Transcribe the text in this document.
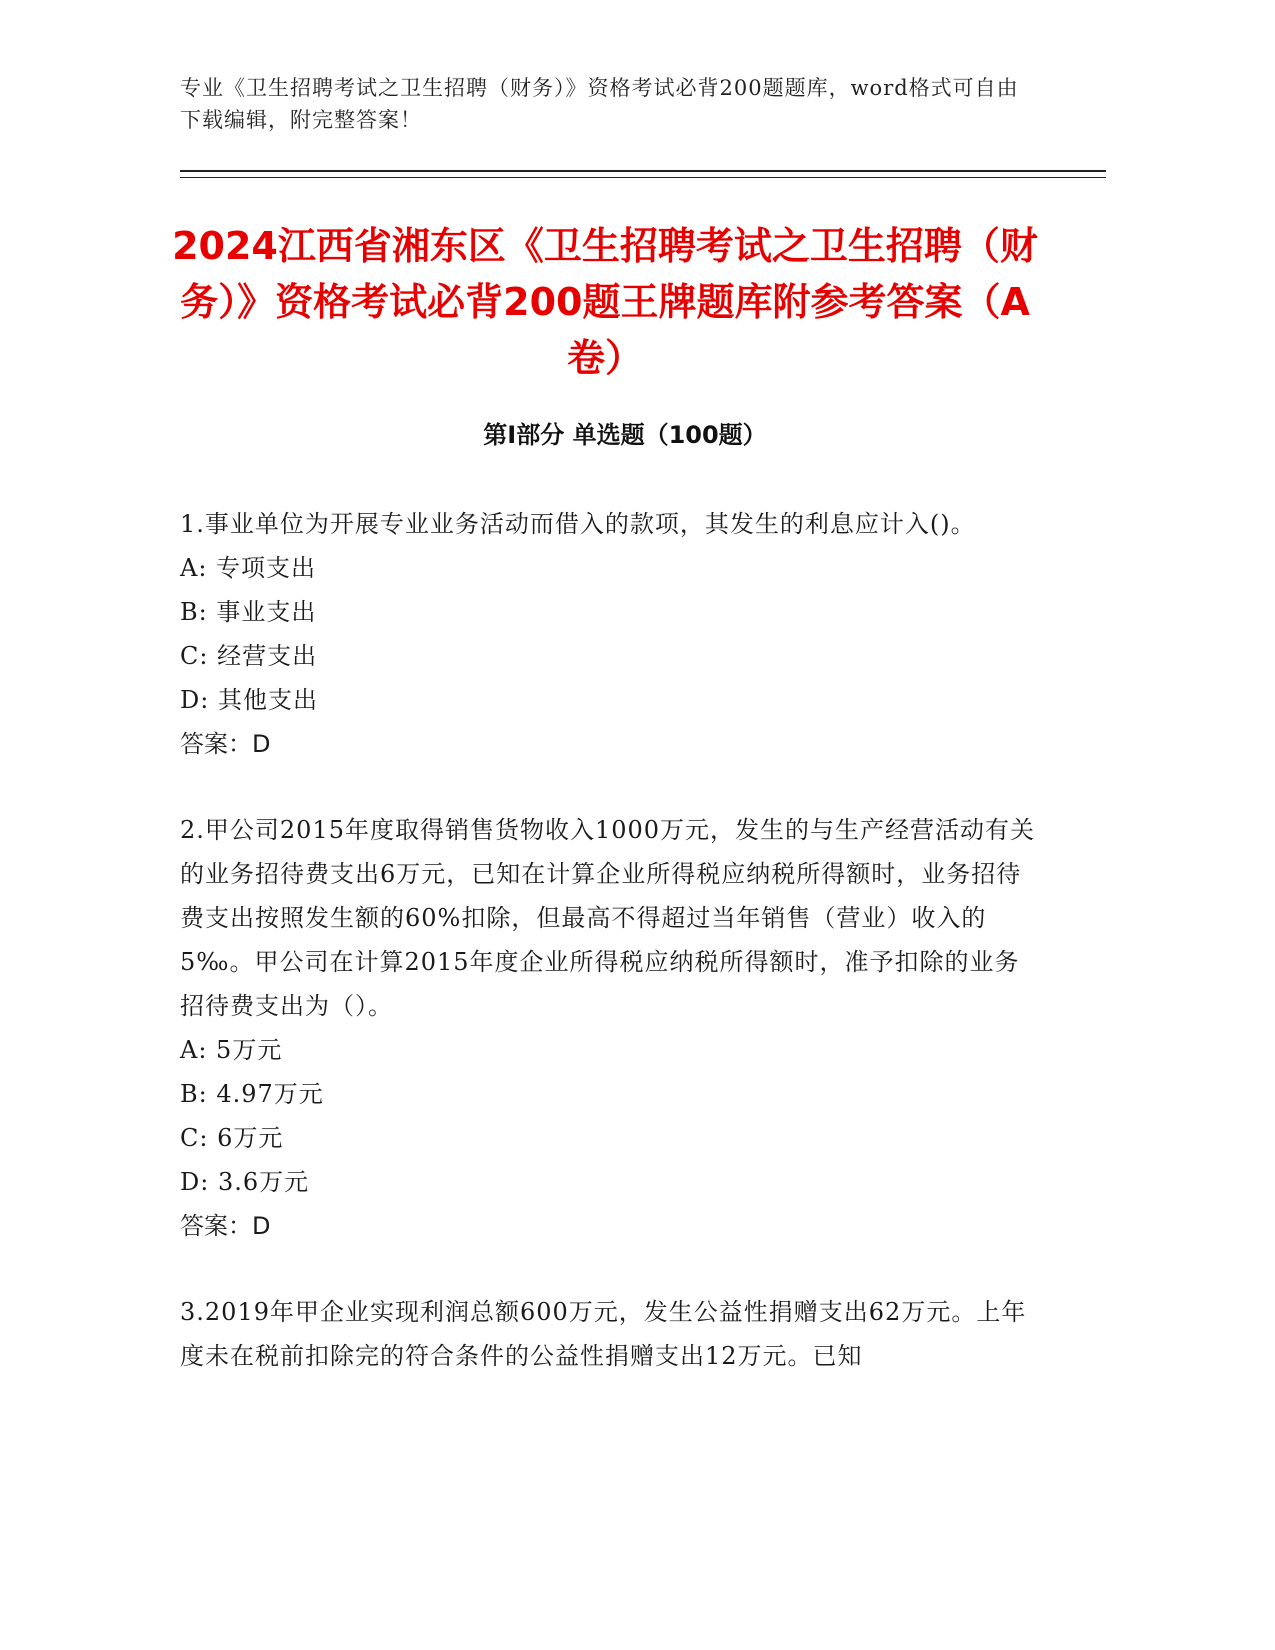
专业《卫生招聘考试之卫生招聘（财务）》资格考试必背200题题库，word格式可自由下载编辑，附完整答案！
2024江西省湘东区《卫生招聘考试之卫生招聘（财务）》资格考试必背200题王牌题库附参考答案（A卷）
第Ⅰ部分 单选题（100题）

1.事业单位为开展专业业务活动而借入的款项，其发生的利息应计入()。

A: 专项支出

B: 事业支出

C: 经营支出

D: 其他支出

答案：D

2.甲公司2015年度取得销售货物收入1000万元，发生的与生产经营活动有关的业务招待费支出6万元，已知在计算企业所得税应纳税所得额时，业务招待费支出按照发生额的60%扣除，但最高不得超过当年销售（营业）收入的5‰。甲公司在计算2015年度企业所得税应纳税所得额时，准予扣除的业务招待费支出为（）。

A: 5万元

B: 4.97万元

C: 6万元

D: 3.6万元

答案：D

3.2019年甲企业实现利润总额600万元，发生公益性捐赠支出62万元。上年度未在税前扣除完的符合条件的公益性捐赠支出12万元。已知
